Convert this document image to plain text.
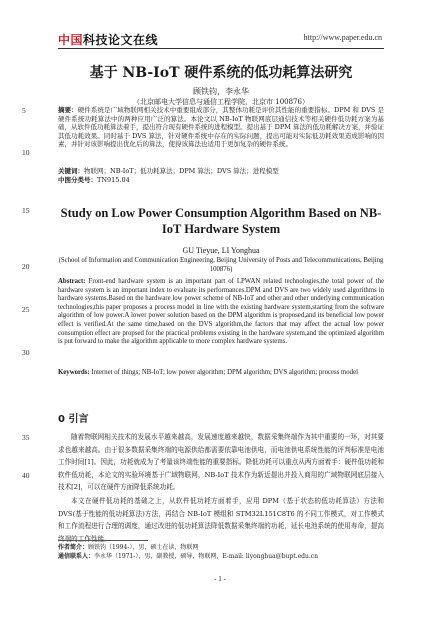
中国科技论文在线	http://www.paper.edu.cn
基于 NB-IoT 硬件系统的低功耗算法研究
顾铁钧，李永华
（北京邮电大学信息与通信工程学院，北京市 100876）
摘要：硬件系统是广域物联网相关技术中重要组成部分，其整体功耗是评价其性能的重要指标。DPM 和 DVS 是硬件系统功耗算法中的两种应用广泛的算法。本论文以 NB-IoT 物联网底层通信技术等相关硬件低功耗方案为基础，从软件低功耗算法着手，提出符合现有硬件系统的进程模型。提出基于 DPM 算法的低功耗解决方案，并验证其低功耗效果。同时基于 DVS 算法，针对硬件系统中存在的实际问题，提出可能对实际低功耗效果造成影响的因素，并针对该影响提出优化后的算法，使得该算法也适用于更加复杂的硬件系统。
关键词：物联网；NB-IoT；低功耗算法；DPM 算法；DVS 算法；进程模型
中图分类号：TN915.04
Study on Low Power Consumption Algorithm Based on NB-IoT Hardware System
GU Tieyue, LI Yonghua
(School of Information and Communication Engineering, Beijing University of Posts and Telecommunications, Beijing 100876)
Abstract: Front-end hardware system is an important part of LPWAN related technologies,the total power of the hardware system is an important index to evaluate its performances.DPM and DVS are two widely used algorithms in hardware systems.Based on the hardware low power scheme of NB-IoT and other and other underlying communication technologies,this paper proposes a process model in line with the existing hardware system,starting from the software algorithm of low power.A lower power solution based on the DPM algorithm is proposed,and its beneficial low power effect is verified.At the same time,based on the DVS algorithm,the factors that may affect the actual low power consumption effect are propsed for the practical problems existing in the hardware system,and the optimized algorithm is put forward to make the algorithm applicable to more complex hardware systems.
Keywords: Internet of things; NB-IoT; low power algorithm; DPM algorithm; DVS algorithm; process model
0 引言
随着物联网相关技术的发展水平越来越高，发展速度越来越快，数据采集终端作为其中重要的一环，对其要求也越来越高。由于很多数据采集终端的电源供给都需要依靠电池供电，而电池供电系统性能的评判标准是电池工作时间[1]。因此，功耗就成为了考量该终端性能的重要指标。降低功耗可以重点从两方面着手：硬件低功耗和软件低功耗，本论文的实验环境基于广域物联网，NB-IoT 技术作为新近提出并投入商用的广域物联网底层接入技术[2]，可以在硬件方面降低系统功耗。
本文在硬件低功耗的基础之上，从软件低功耗方面着手，应用 DPM（基于状态的低功耗算法）方法和 DVS(基于性能的低功耗算法)方法，再结合 NB-IoT 模组和 STM32L151C8T6 的不同工作模式，对工作模式和工作流程进行合理的调度，通过改进的低功耗算法降低数据采集终端的功耗，延长电池系统的使用寿命，提高终端的工作性能。
作者简介：顾铁钧（1994-），男，硕士在读，物联网
通信联系人：李永华（1971-），男，副教授，硕导，物联网，E-mail: liyonghua@bupt.edu.cn
5
10
15
20
25
30
35
40
- 1 -
